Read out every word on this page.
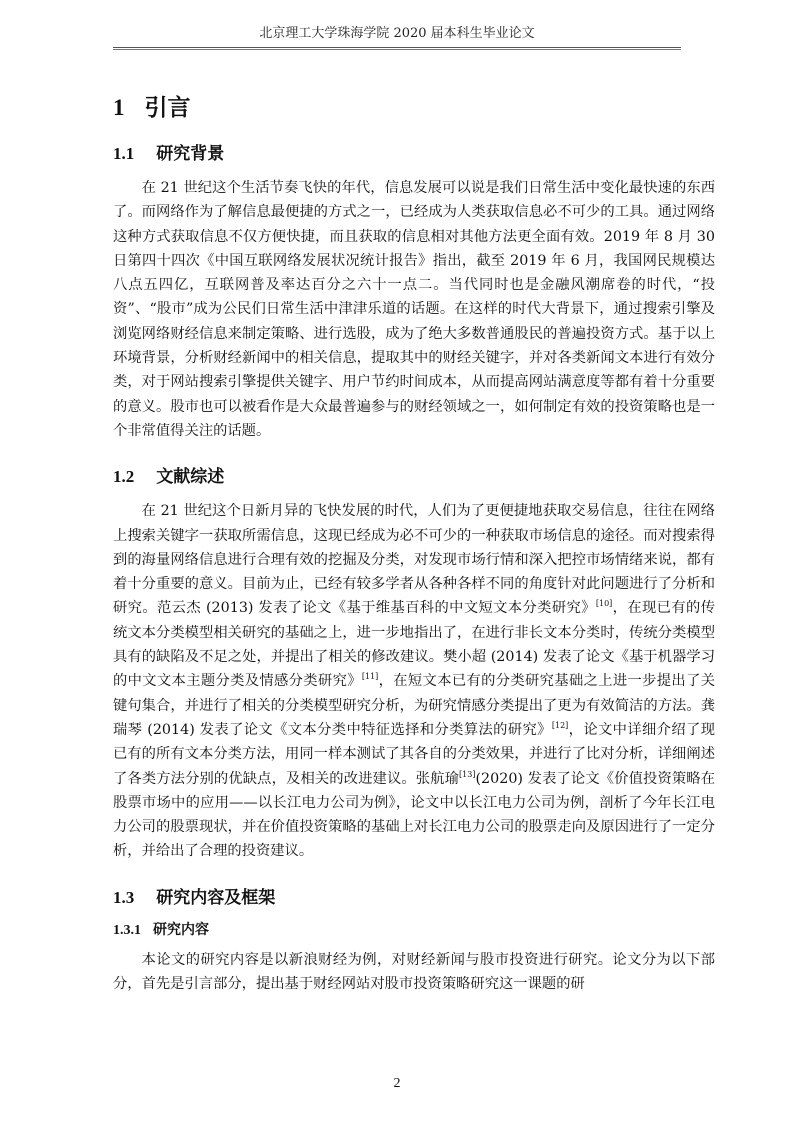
北京理工大学珠海学院 2020 届本科生毕业论文
1 引言
1.1 研究背景

在 21 世纪这个生活节奏飞快的年代，信息发展可以说是我们日常生活中变化最快速的东西了。而网络作为了解信息最便捷的方式之一，已经成为人类获取信息必不可少的工具。通过网络这种方式获取信息不仅方便快捷，而且获取的信息相对其他方法更全面有效。2019 年 8 月 30 日第四十四次《中国互联网络发展状况统计报告》指出，截至 2019 年 6 月，我国网民规模达八点五四亿，互联网普及率达百分之六十一点二。当代同时也是金融风潮席卷的时代，“投资”、“股市”成为公民们日常生活中津津乐道的话题。在这样的时代大背景下，通过搜索引擎及浏览网络财经信息来制定策略、进行选股，成为了绝大多数普通股民的普遍投资方式。基于以上环境背景，分析财经新闻中的相关信息，提取其中的财经关键字，并对各类新闻文本进行有效分类，对于网站搜索引擎提供关键字、用户节约时间成本，从而提高网站满意度等都有着十分重要的意义。股市也可以被看作是大众最普遍参与的财经领域之一，如何制定有效的投资策略也是一个非常值得关注的话题。

1.2 文献综述

在 21 世纪这个日新月异的飞快发展的时代，人们为了更便捷地获取交易信息，往往在网络上搜索关键字一获取所需信息，这现已经成为必不可少的一种获取市场信息的途径。而对搜索得到的海量网络信息进行合理有效的挖掘及分类，对发现市场行情和深入把控市场情绪来说，都有着十分重要的意义。目前为止，已经有较多学者从各种各样不同的角度针对此问题进行了分析和研究。范云杰 (2013) 发表了论文《基于维基百科的中文短文本分类研究》[10]，在现已有的传统文本分类模型相关研究的基础之上，进一步地指出了，在进行非长文本分类时，传统分类模型具有的缺陷及不足之处，并提出了相关的修改建议。樊小超 (2014) 发表了论文《基于机器学习的中文文本主题分类及情感分类研究》[11]，在短文本已有的分类研究基础之上进一步提出了关键句集合，并进行了相关的分类模型研究分析，为研究情感分类提出了更为有效简洁的方法。龚瑞琴 (2014) 发表了论文《文本分类中特征选择和分类算法的研究》[12]，论文中详细介绍了现已有的所有文本分类方法，用同一样本测试了其各自的分类效果，并进行了比对分析，详细阐述了各类方法分别的优缺点，及相关的改进建议。张航瑜[13](2020) 发表了论文《价值投资策略在股票市场中的应用——以长江电力公司为例》，论文中以长江电力公司为例，剖析了今年长江电力公司的股票现状，并在价值投资策略的基础上对长江电力公司的股票走向及原因进行了一定分析，并给出了合理的投资建议。

1.3 研究内容及框架
1.3.1 研究内容

本论文的研究内容是以新浪财经为例，对财经新闻与股市投资进行研究。论文分为以下部分，首先是引言部分，提出基于财经网站对股市投资策略研究这一课题的研

2
